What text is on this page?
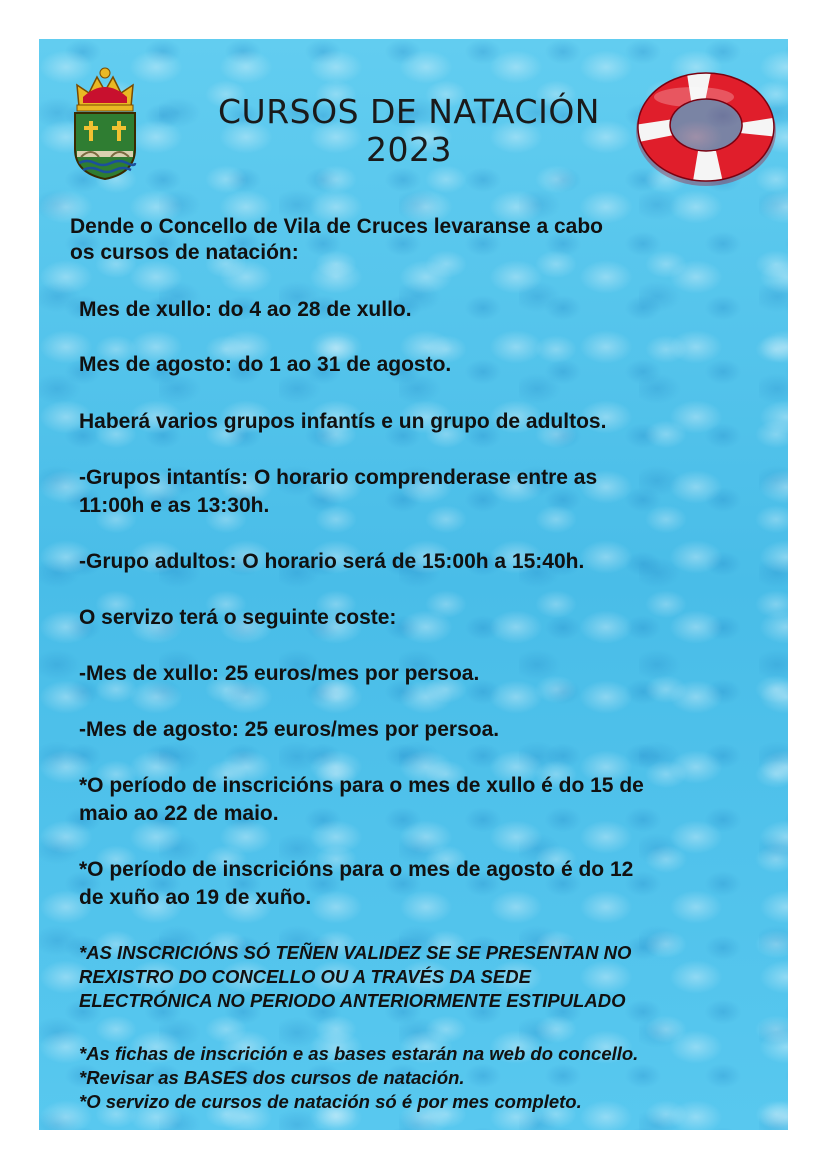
CURSOS DE NATACIÓN
2023

Dende o Concello de Vila de Cruces levaranse a cabo

os cursos de natación:

Mes de xullo: do 4 ao 28 de xullo.

Mes de agosto: do 1 ao 31 de agosto.

Haberá varios grupos infantís e un grupo de adultos.

-Grupos intantís: O horario comprenderase entre as

11:00h e as 13:30h.

-Grupo adultos: O horario será de 15:00h a 15:40h.

O servizo terá o seguinte coste:

-Mes de xullo: 25 euros/mes por persoa.

-Mes de agosto: 25 euros/mes por persoa.

*O período de inscricións para o mes de xullo é do 15 de

maio ao 22 de maio.

*O período de inscricións para o mes de agosto é do 12

de xuño ao 19 de xuño.

*AS INSCRICIÓNS SÓ TEÑEN VALIDEZ SE SE PRESENTAN NO

REXISTRO DO CONCELLO OU A TRAVÉS DA SEDE

ELECTRÓNICA NO PERIODO ANTERIORMENTE ESTIPULADO

*As fichas de inscrición e as bases estarán na web do concello.

*Revisar as BASES dos cursos de natación.

*O servizo de cursos de natación só é por mes completo.
